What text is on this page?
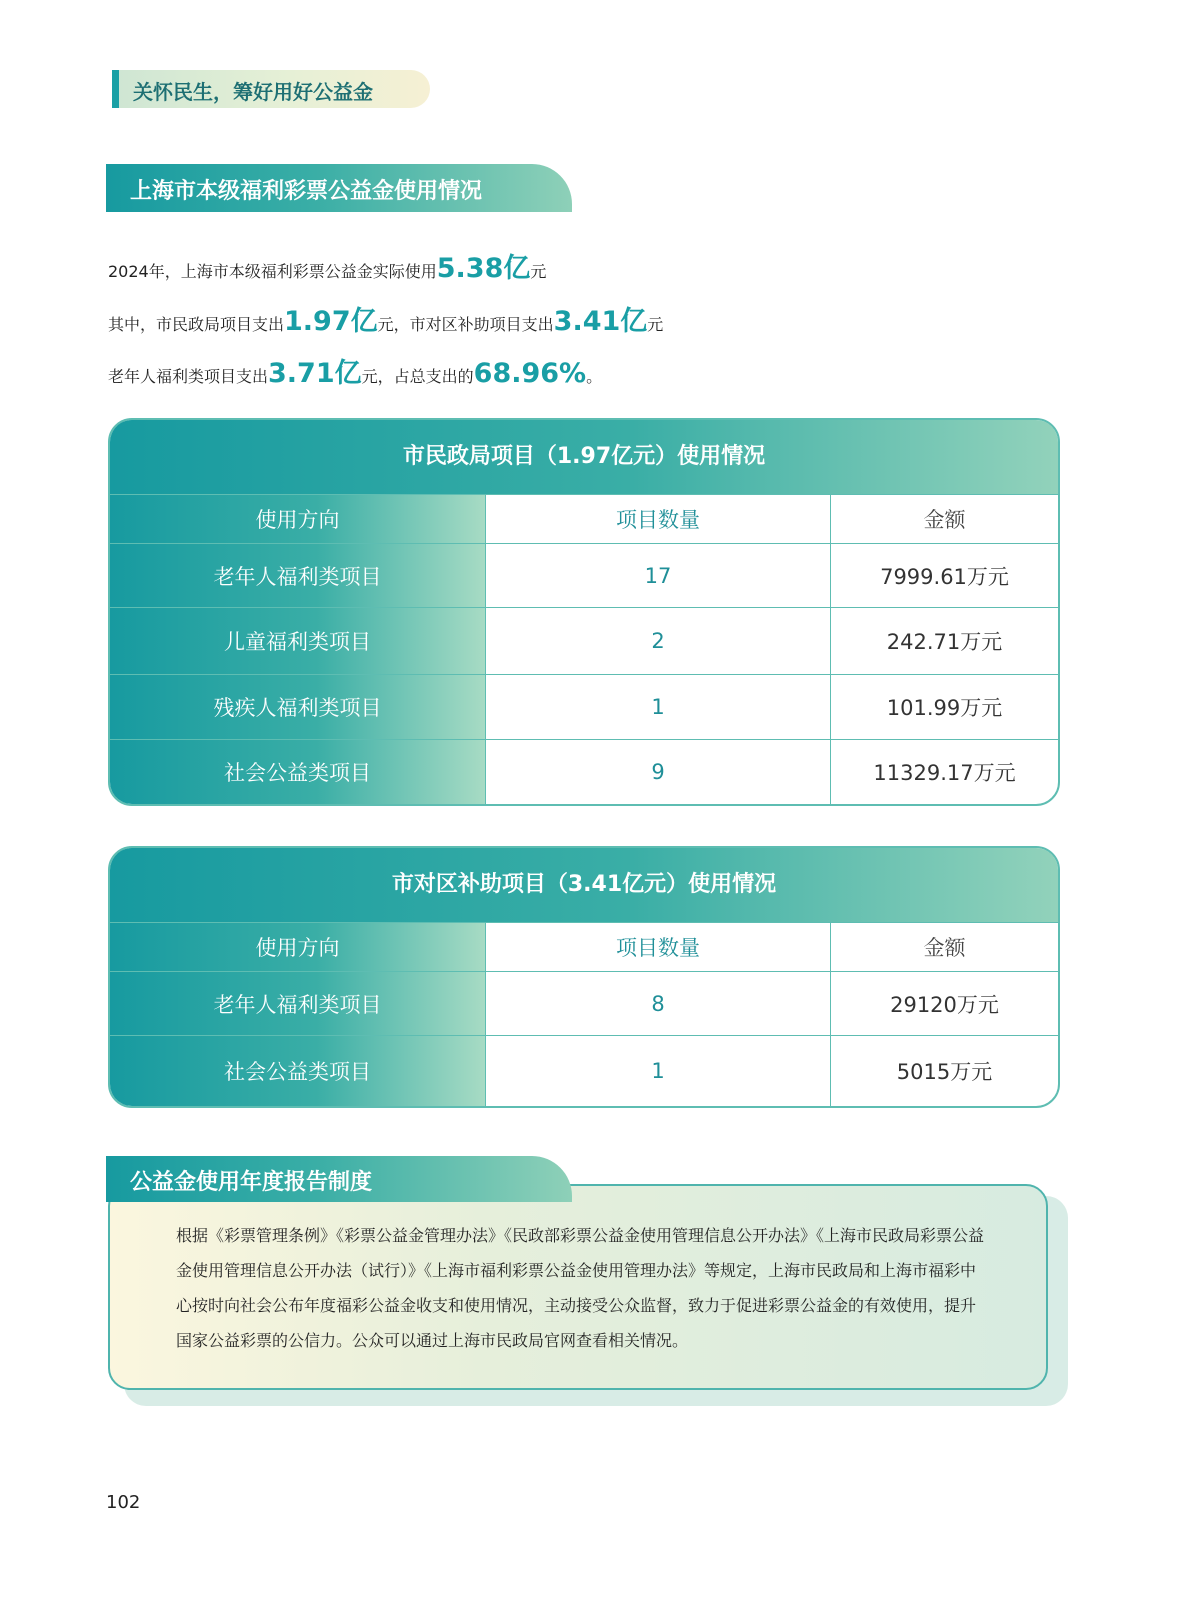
关怀民生，筹好用好公益金
上海市本级福利彩票公益金使用情况
2024年，上海市本级福利彩票公益金实际使用5.38亿元
其中，市民政局项目支出1.97亿元，市对区补助项目支出3.41亿元
老年人福利类项目支出3.71亿元，占总支出的68.96%。
市民政局项目（1.97亿元）使用情况
使用方向	项目数量	金额
老年人福利类项目	17	7999.61万元
儿童福利类项目	2	242.71万元
残疾人福利类项目	1	101.99万元
社会公益类项目	9	11329.17万元
市对区补助项目（3.41亿元）使用情况
使用方向	项目数量	金额
老年人福利类项目	8	29120万元
社会公益类项目	1	5015万元
根据《彩票管理条例》《彩票公益金管理办法》《民政部彩票公益金使用管理信息公开办法》《上海市民政局彩票公益金使用管理信息公开办法（试行）》《上海市福利彩票公益金使用管理办法》等规定，上海市民政局和上海市福彩中心按时向社会公布年度福彩公益金收支和使用情况，主动接受公众监督，致力于促进彩票公益金的有效使用，提升国家公益彩票的公信力。公众可以通过上海市民政局官网查看相关情况。
公益金使用年度报告制度
102
